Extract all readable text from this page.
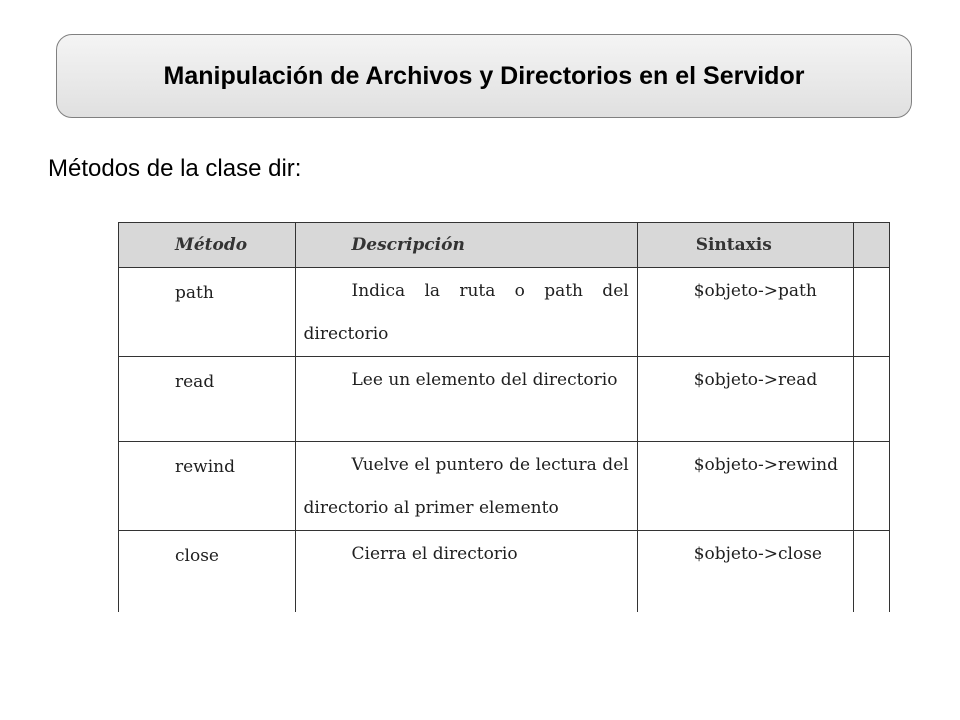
Manipulación de Archivos y Directorios en el Servidor
Métodos de la clase dir:
Método	Descripción	Sintaxis	

path	Indica la ruta o path del directorio	$objeto->path	

read	Lee un elemento del directorio	$objeto->read	

rewind	Vuelve el puntero de lectura del directorio al primer elemento	$objeto->rewind	

close	Cierra el directorio	$objeto->close	
